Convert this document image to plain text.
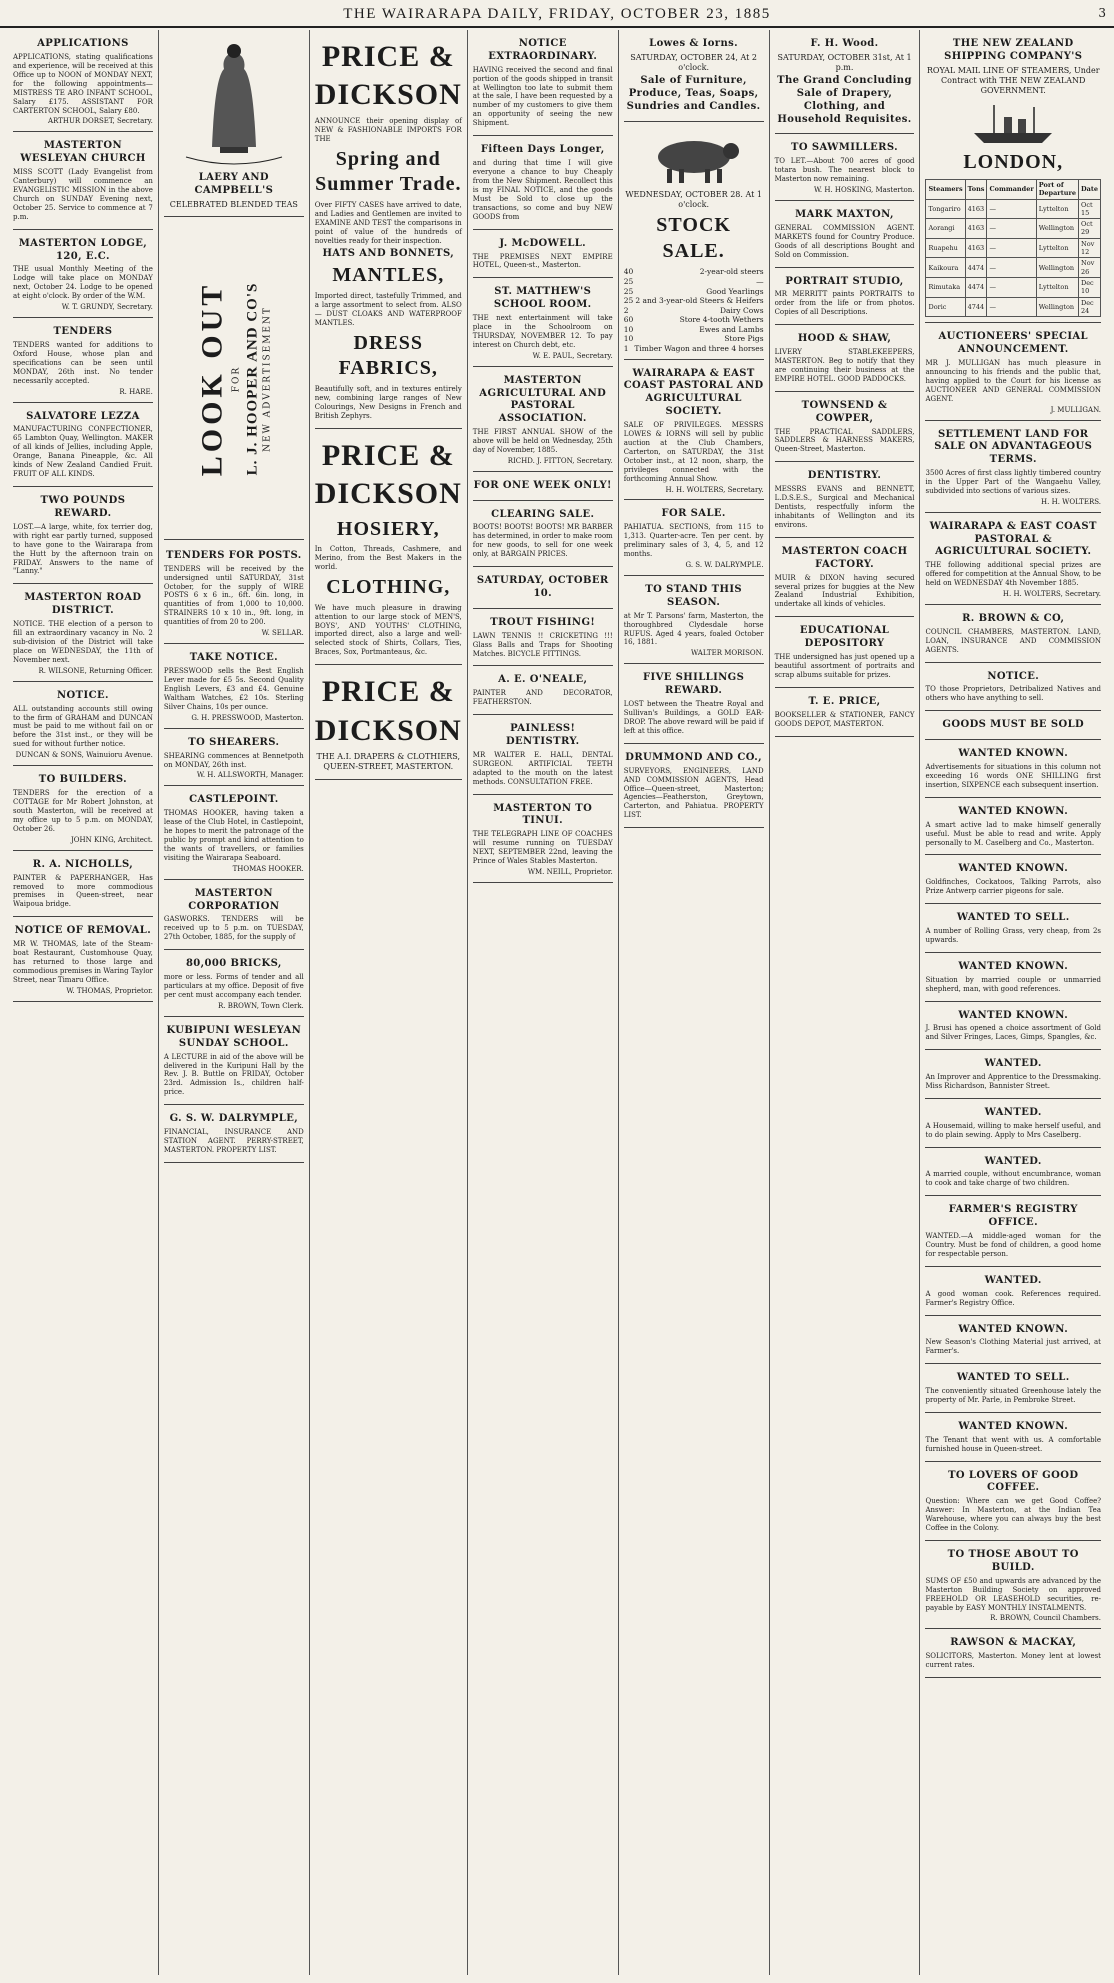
THE WAIRARAPA DAILY, FRIDAY, OCTOBER 23, 1885	3
APPLICATIONS
APPLICATIONS, stating qualifications and experience, will be received at this Office up to NOON of MONDAY NEXT, for the following appointments— MISTRESS TE ARO INFANT SCHOOL, Salary £175. ASSISTANT FOR CARTERTON SCHOOL, Salary £80.
ARTHUR DORSET, Secretary.
MASTERTON WESLEYAN CHURCH
MISS SCOTT (Lady Evangelist from Canterbury) will commence an EVANGELISTIC MISSION in the above Church on SUNDAY Evening next, October 25. Service to commence at 7 p.m.
MASTERTON LODGE, 120, E.C.
THE usual Monthly Meeting of the Lodge will take place on MONDAY next, October 24. Lodge to be opened at eight o'clock. By order of the W.M.
W. T. GRUNDY, Secretary.
TENDERS
TENDERS wanted for additions to Oxford House, whose plan and specifications can be seen until MONDAY, 26th inst. No tender necessarily accepted.
R. HARE.
SALVATORE LEZZA
MANUFACTURING CONFECTIONER, 65 Lambton Quay, Wellington. MAKER of all kinds of Jellies, including Apple, Orange, Banana Pineapple, &c. All kinds of New Zealand Candied Fruit. FRUIT OF ALL KINDS.
TWO POUNDS REWARD.
LOST.—A large, white, fox terrier dog, with right ear partly turned, supposed to have gone to the Wairarapa from the Hutt by the afternoon train on FRIDAY. Answers to the name of "Lanny."
MASTERTON ROAD DISTRICT.
NOTICE. THE election of a person to fill an extraordinary vacancy in No. 2 sub-division of the District will take place on WEDNESDAY, the 11th of November next.
R. WILSONE, Returning Officer.
NOTICE.
ALL outstanding accounts still owing to the firm of GRAHAM and DUNCAN must be paid to me without fail on or before the 31st inst., or they will be sued for without further notice.
DUNCAN & SONS, Wainuioru Avenue.
TO BUILDERS.
TENDERS for the erection of a COTTAGE for Mr Robert Johnston, at south Masterton, will be received at my office up to 5 p.m. on MONDAY, October 26.
JOHN KING, Architect.
R. A. NICHOLLS,
PAINTER & PAPERHANGER, Has removed to more commodious premises in Queen-street, near Waipoua bridge.
NOTICE OF REMOVAL.
MR W. THOMAS, late of the Steam-boat Restaurant, Customhouse Quay, has returned to those large and commodious premises in Waring Taylor Street, near Timaru Office.
W. THOMAS, Proprietor.
LAERY AND CAMPBELL'S
CELEBRATED BLENDED TEAS
LOOK OUT FOR L. J. HOOPER AND CO'S NEW ADVERTISEMENT
TENDERS FOR POSTS.
TENDERS will be received by the undersigned until SATURDAY, 31st October, for the supply of WIRE POSTS 6 x 6 in., 6ft. 6in. long, in quantities of from 1,000 to 10,000. STRAINERS 10 x 10 in., 9ft. long, in quantities of from 20 to 200.
W. SELLAR.
TAKE NOTICE.
PRESSWOOD sells the Best English Lever made for £5 5s. Second Quality English Levers, £3 and £4. Genuine Waltham Watches, £2 10s. Sterling Silver Chains, 10s per ounce.
G. H. PRESSWOOD, Masterton.
TO SHEARERS.
SHEARING commences at Bennetpoth on MONDAY, 26th inst.
W. H. ALLSWORTH, Manager.
CASTLEPOINT.
THOMAS HOOKER, having taken a lease of the Club Hotel, in Castlepoint, he hopes to merit the patronage of the public by prompt and kind attention to the wants of travellers, or families visiting the Wairarapa Seaboard.
THOMAS HOOKER.
MASTERTON CORPORATION
GASWORKS. TENDERS will be received up to 5 p.m. on TUESDAY, 27th October, 1885, for the supply of
80,000 BRICKS,
more or less. Forms of tender and all particulars at my office. Deposit of five per cent must accompany each tender.
R. BROWN, Town Clerk.
KUBIPUNI WESLEYAN SUNDAY SCHOOL.
A LECTURE in aid of the above will be delivered in the Kuripuni Hall by the Rev. J. B. Buttle on FRIDAY, October 23rd. Admission Is., children half-price.
G. S. W. DALRYMPLE,
FINANCIAL, INSURANCE AND STATION AGENT. PERRY-STREET, MASTERTON. PROPERTY LIST.
PRICE & DICKSON
ANNOUNCE their opening display of NEW & FASHIONABLE IMPORTS FOR THE
Spring and Summer Trade.
Over FIFTY CASES have arrived to date, and Ladies and Gentlemen are invited to EXAMINE AND TEST the comparisons in point of value of the hundreds of novelties ready for their inspection.
HATS AND BONNETS,
MANTLES,
Imported direct, tastefully Trimmed, and a large assortment to select from. ALSO— DUST CLOAKS AND WATERPROOF MANTLES.
DRESS FABRICS,
Beautifully soft, and in textures entirely new, combining large ranges of New Colourings, New Designs in French and British Zephyrs.
PRICE & DICKSON
HOSIERY,
In Cotton, Threads, Cashmere, and Merino, from the Best Makers in the world.
CLOTHING,
We have much pleasure in drawing attention to our large stock of MEN'S, BOYS', AND YOUTHS' CLOTHING, imported direct, also a large and well-selected stock of Shirts, Collars, Ties, Braces, Sox, Portmanteaus, &c.
PRICE & DICKSON
THE A.I. DRAPERS & CLOTHIERS, QUEEN-STREET, MASTERTON.
NOTICE EXTRAORDINARY.
HAVING received the second and final portion of the goods shipped in transit at Wellington too late to submit them at the sale, I have been requested by a number of my customers to give them an opportunity of seeing the new Shipment.
Fifteen Days Longer,
and during that time I will give everyone a chance to buy Cheaply from the New Shipment. Recollect this is my FINAL NOTICE, and the goods Must be Sold to close up the transactions, so come and buy NEW GOODS from
J. McDOWELL.
THE PREMISES NEXT EMPIRE HOTEL, Queen-st., Masterton.
ST. MATTHEW'S SCHOOL ROOM.
THE next entertainment will take place in the Schoolroom on THURSDAY, NOVEMBER 12. To pay interest on Church debt, etc.
W. E. PAUL, Secretary.
MASTERTON AGRICULTURAL AND PASTORAL ASSOCIATION.
THE FIRST ANNUAL SHOW of the above will be held on Wednesday, 25th day of November, 1885.
RICHD. J. FITTON, Secretary.
FOR ONE WEEK ONLY!
CLEARING SALE.
BOOTS! BOOTS! BOOTS! MR BARBER has determined, in order to make room for new goods, to sell for one week only, at BARGAIN PRICES.
SATURDAY, OCTOBER 10.
TROUT FISHING!
LAWN TENNIS !! CRICKETING !!! Glass Balls and Traps for Shooting Matches. BICYCLE FITTINGS.
A. E. O'NEALE,
PAINTER AND DECORATOR, FEATHERSTON.
PAINLESS! DENTISTRY.
MR WALTER E. HALL, DENTAL SURGEON. ARTIFICIAL TEETH adapted to the mouth on the latest methods. CONSULTATION FREE.
MASTERTON TO TINUI.
THE TELEGRAPH LINE OF COACHES will resume running on TUESDAY NEXT, SEPTEMBER 22nd, leaving the Prince of Wales Stables Masterton.
WM. NEILL, Proprietor.
Lowes & Iorns.
SATURDAY, OCTOBER 24, At 2 o'clock.
Sale of Furniture, Produce, Teas, Soaps, Sundries and Candles.
WEDNESDAY, OCTOBER 28. At 1 o'clock.
STOCK SALE.
40	2-year-old steers
25	—
25	Good Yearlings
25 2 and 3-year-old Steers & Heifers
2	Dairy Cows
60	Store 4-tooth Wethers
10	Ewes and Lambs
10	Store Pigs
1 Timber Wagon and three 4 horses
WAIRARAPA & EAST COAST PASTORAL AND AGRICULTURAL SOCIETY.
SALE OF PRIVILEGES. MESSRS LOWES & IORNS will sell by public auction at the Club Chambers, Carterton, on SATURDAY, the 31st October inst., at 12 noon, sharp, the privileges connected with the forthcoming Annual Show.
H. H. WOLTERS, Secretary.
FOR SALE.
PAHIATUA. SECTIONS, from 115 to 1,313. Quarter-acre. Ten per cent. by preliminary sales of 3, 4, 5, and 12 months.
G. S. W. DALRYMPLE.
TO STAND THIS SEASON.
at Mr T. Parsons' farm, Masterton, the thoroughbred Clydesdale horse RUFUS. Aged 4 years, foaled October 16, 1881.
WALTER MORISON.
FIVE SHILLINGS REWARD.
LOST between the Theatre Royal and Sullivan's Buildings, a GOLD EAR-DROP. The above reward will be paid if left at this office.
DRUMMOND AND CO.,
SURVEYORS, ENGINEERS, LAND AND COMMISSION AGENTS, Head Office—Queen-street, Masterton; Agencies—Featherston, Greytown, Carterton, and Pahiatua. PROPERTY LIST.
F. H. Wood.
SATURDAY, OCTOBER 31st, At 1 p.m.
The Grand Concluding Sale of Drapery, Clothing, and Household Requisites.
TO SAWMILLERS.
TO LET.—About 700 acres of good totara bush. The nearest block to Masterton now remaining.
W. H. HOSKING, Masterton.
MARK MAXTON,
GENERAL COMMISSION AGENT. MARKETS found for Country Produce. Goods of all descriptions Bought and Sold on Commission.
PORTRAIT STUDIO,
MR MERRITT paints PORTRAITS to order from the life or from photos. Copies of all Descriptions.
HOOD & SHAW,
LIVERY STABLEKEEPERS, MASTERTON. Beg to notify that they are continuing their business at the EMPIRE HOTEL. GOOD PADDOCKS.
TOWNSEND & COWPER,
THE PRACTICAL SADDLERS, SADDLERS & HARNESS MAKERS, Queen-Street, Masterton.
DENTISTRY.
MESSRS EVANS and BENNETT, L.D.S.E.S., Surgical and Mechanical Dentists, respectfully inform the inhabitants of Wellington and its environs.
MASTERTON COACH FACTORY.
MUIR & DIXON having secured several prizes for buggies at the New Zealand Industrial Exhibition, undertake all kinds of vehicles.
EDUCATIONAL DEPOSITORY
THE undersigned has just opened up a beautiful assortment of portraits and scrap albums suitable for prizes.
T. E. PRICE,
BOOKSELLER & STATIONER, FANCY GOODS DEPOT, MASTERTON.
THE NEW ZEALAND SHIPPING COMPANY'S
ROYAL MAIL LINE OF STEAMERS, Under Contract with THE NEW ZEALAND GOVERNMENT.
LONDON,
Steamers	Tons	Commander	Port of Departure	Date
Tongariro	4163	—	Lyttelton	Oct 15
Aorangi	4163	—	Wellington	Oct 29
Ruapehu	4163	—	Lyttelton	Nov 12
Kaikoura	4474	—	Wellington	Nov 26
Rimutaka	4474	—	Lyttelton	Dec 10
Doric	4744	—	Wellington	Dec 24
AUCTIONEERS' SPECIAL ANNOUNCEMENT.
MR J. MULLIGAN has much pleasure in announcing to his friends and the public that, having applied to the Court for his license as AUCTIONEER AND GENERAL COMMISSION AGENT.
J. MULLIGAN.
SETTLEMENT LAND FOR SALE ON ADVANTAGEOUS TERMS.
3500 Acres of first class lightly timbered country in the Upper Part of the Wangaehu Valley, subdivided into sections of various sizes.
H. H. WOLTERS.
WAIRARAPA & EAST COAST PASTORAL & AGRICULTURAL SOCIETY.
THE following additional special prizes are offered for competition at the Annual Show, to be held on WEDNESDAY 4th November 1885.
H. H. WOLTERS, Secretary.
R. BROWN & CO,
COUNCIL CHAMBERS, MASTERTON. LAND, LOAN, INSURANCE AND COMMISSION AGENTS.
NOTICE.
TO those Proprietors, Detribalized Natives and others who have anything to sell.
GOODS MUST BE SOLD
WANTED KNOWN.
Advertisements for situations in this column not exceeding 16 words ONE SHILLING first insertion, SIXPENCE each subsequent insertion.
WANTED KNOWN.
A smart active lad to make himself generally useful. Must be able to read and write. Apply personally to M. Caselberg and Co., Masterton.
WANTED KNOWN.
Goldfinches, Cockatoos, Talking Parrots, also Prize Antwerp carrier pigeons for sale.
WANTED TO SELL.
A number of Rolling Grass, very cheap, from 2s upwards.
WANTED KNOWN.
Situation by married couple or unmarried shepherd, man, with good references.
WANTED KNOWN.
J. Brusi has opened a choice assortment of Gold and Silver Fringes, Laces, Gimps, Spangles, &c.
WANTED.
An Improver and Apprentice to the Dressmaking. Miss Richardson, Bannister Street.
WANTED.
A Housemaid, willing to make herself useful, and to do plain sewing. Apply to Mrs Caselberg.
WANTED.
A married couple, without encumbrance, woman to cook and take charge of two children.
FARMER'S REGISTRY OFFICE.
WANTED.—A middle-aged woman for the Country. Must be fond of children, a good home for respectable person.
WANTED.
A good woman cook. References required. Farmer's Registry Office.
WANTED KNOWN.
New Season's Clothing Material just arrived, at Farmer's.
WANTED TO SELL.
The conveniently situated Greenhouse lately the property of Mr. Parle, in Pembroke Street.
WANTED KNOWN.
The Tenant that went with us. A comfortable furnished house in Queen-street.
TO LOVERS OF GOOD COFFEE.
Question: Where can we get Good Coffee? Answer: In Masterton, at the Indian Tea Warehouse, where you can always buy the best Coffee in the Colony.
TO THOSE ABOUT TO BUILD.
SUMS OF £50 and upwards are advanced by the Masterton Building Society on approved FREEHOLD OR LEASEHOLD securities, re-payable by EASY MONTHLY INSTALMENTS.
R. BROWN, Council Chambers.
RAWSON & MACKAY,
SOLICITORS, Masterton. Money lent at lowest current rates.
